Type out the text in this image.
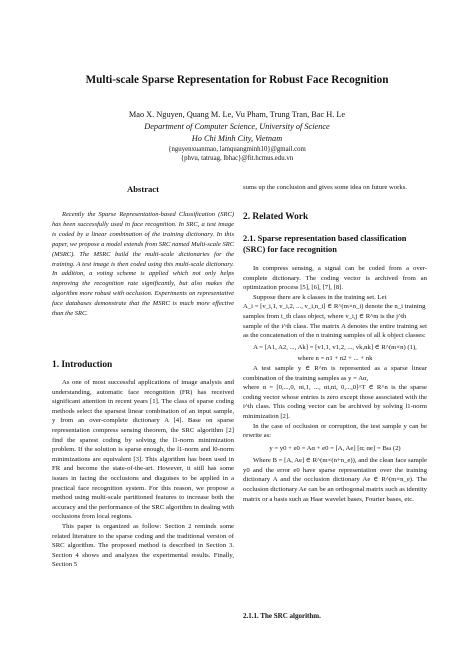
Multi-scale Sparse Representation for Robust Face Recognition
Mao X. Nguyen, Quang M. Le, Vu Pham, Trung Tran, Bac H. Le
Department of Computer Science, University of Science
Ho Chi Minh City, Vietnam
{nguyenxuanmao, lamquangminh10}@gmail.com
{phvu, tatruag, lbhac}@fit.hcmus.edu.vn
Abstract

Recently the Sparse Representation-based Classification (SRC) has been successfully used in face recognition. In SRC, a test image is coded by a linear combination of the training dictionary. In this paper, we propose a model extends from SRC named Multi-scale SRC (MSRC). The MSRC build the multi-scale dictionaries for the training. A test image is then coded using this multi-scale dictionary. In addition, a voting scheme is applied which not only helps improving the recognition rate significantly, but also makes the algorithm more robust with occlusion. Experiments on representative face databases demonstrate that the MSRC is much more effective than the SRC.

1. Introduction

As one of most successful applications of image analysis and understanding, automatic face recognition (FR) has received significant attention in recent years [1]. The class of sparse coding methods select the sparsest linear combination of an input sample, y from an over-complete dictionary A [4]. Base on sparse representation compress sensing theorem, the SRC algorithm [2] find the sparest coding by solving the l1-norm minimization problem. If the solution is sparse enough, the l1-norm and l0-norm minimizations are equivalent [3]. This algorithm has been used in FR and become the state-of-the-art. However, it still has some issues in facing the occlusions and disguises to be applied in a practical face recognition system. For this reason, we propose a method using multi-scale partitioned features to increase both the accuracy and the performance of the SRC algorithm in dealing with occlusions from local regions.

This paper is organized as follow: Section 2 reminds some related literature to the sparse coding and the traditional version of SRC algorithm. The proposed method is described in Section 3. Section 4 shows and analyzes the experimental results. Finally, Section 5

sums up the conclusion and gives some idea on future works.

2. Related Work
2.1. Sparse representation based classification (SRC) for face recognition

In compress sensing, a signal can be coded from a over-complete dictionary. The coding vector is archived from an optimization process [5], [6], [7], [8].

Suppose there are k classes in the training set. Let

A_i = [v_i,1, v_i,2, ..., v_i,n_i] ∈ R^(m×n_i) denote the n_i training

samples from i_th class object, where v_i,j ∈ R^m is the j^th

sample of the i^th class. The matrix A denotes the entire training set as the concatenation of the n training samples of all k object classes:

A = [A1, A2, ..., Ak] = [v1,1, v1,2, ..., vk,nk] ∈ R^(m×n) (1),

where n = n1 + n2 + ... + nk

A test sample y ∈ R^m is represented as a sparse linear combination of the training samples as y = Aα,

where α = [0,...,0, αi,1, ..., αi,ni, 0,...,0]^T ∈ R^n is the sparse coding vector whose entries is zero except those associated with the i^th class. This coding vector can be archived by solving l1-norm minimization [2].

In the case of occlusion or corruption, the test sample y can be rewrite as:

y = y0 + e0 = Aα + e0 = [A, Ae] [α; αe] = Bω (2)

Where B = [A, Ae] ∈ R^(m×(n+n_e)), and the clean face sample y0 and the error e0 have sparse representation over the training dictionary A and the occlusion dictionary Ae ∈ R^(m×n_e). The occlusion dictionary Ae can be an orthogonal matrix such as identity matrix or a basis such as Haar wavelet bases, Fourier bases, etc.

2.1.1. The SRC algorithm.
